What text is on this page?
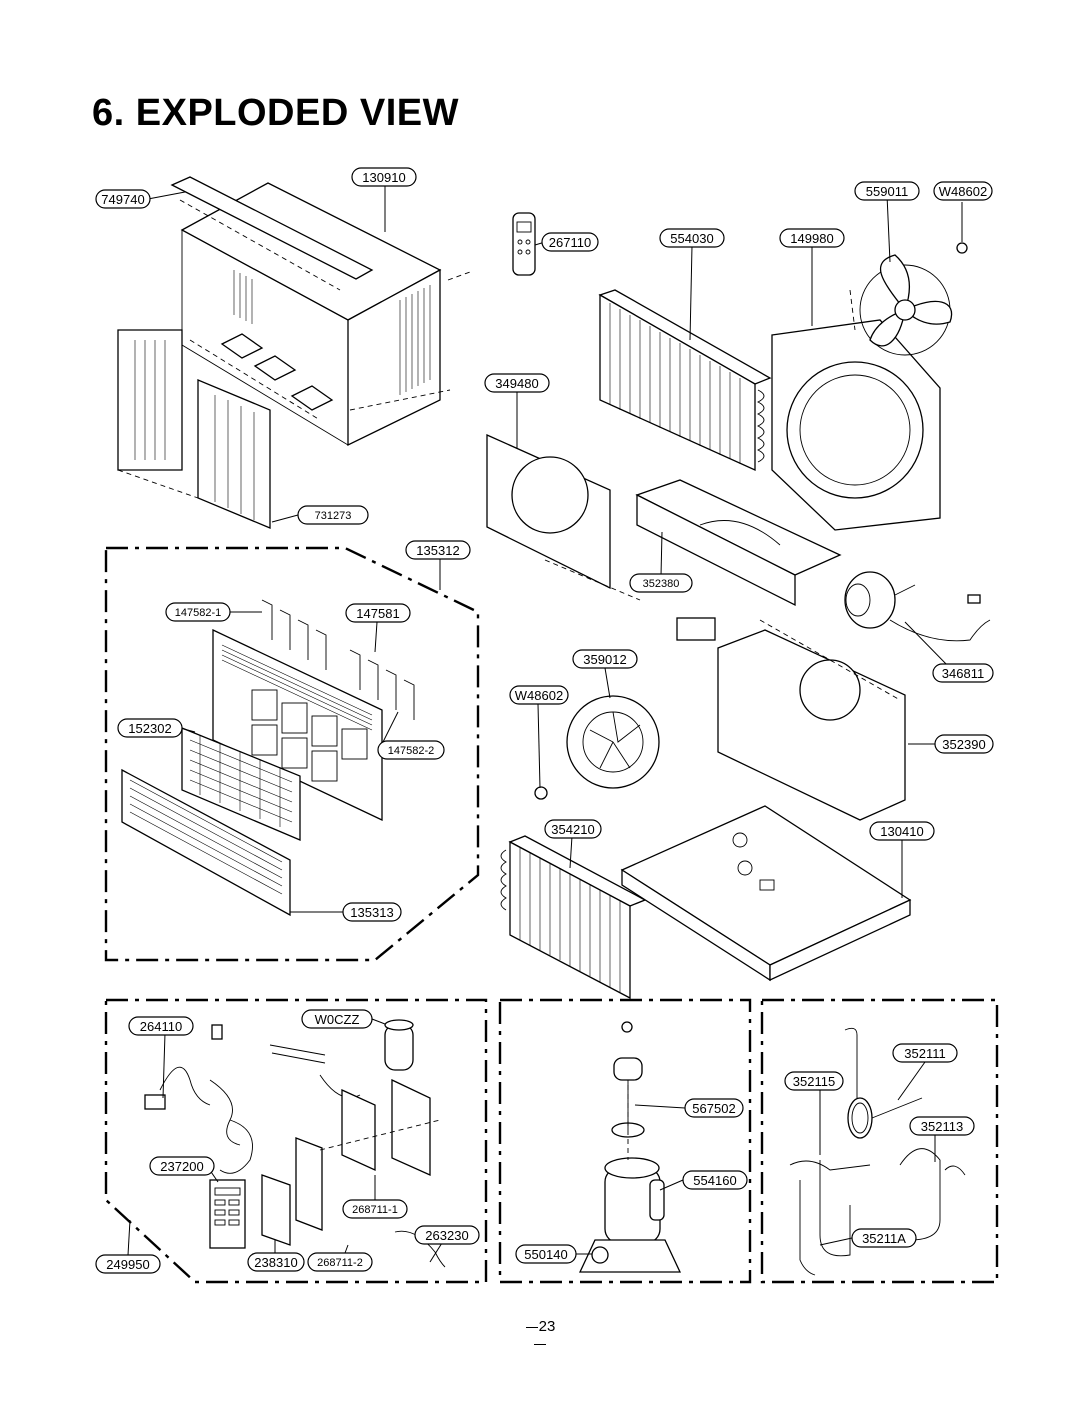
6. EXPLODED VIEW
130910
749740
559011 W48602
267110	554030	149980
349480
731273
135312
352380
147582-1	147581
359012
346811
W48602
152302
147582-2	352390
354210	130410
135313
264110	W0CZZ
352111
352115
567502
352113
237200
554160
268711-1
263230	35211A
249950	238310 268711-2
550140
23
